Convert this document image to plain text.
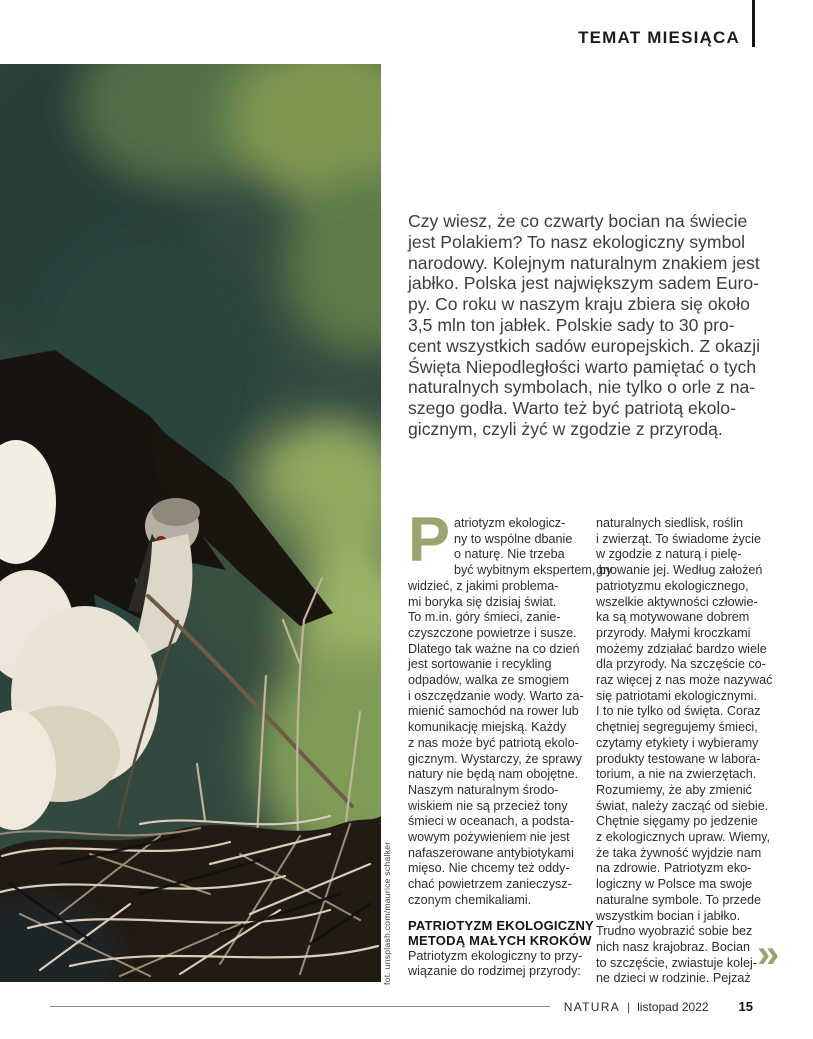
TEMAT MIESIĄCA
fot. unsplash.com/maurice schalker
Czy wiesz, że co czwarty bocian na świecie
jest Polakiem? To nasz ekologiczny symbol
narodowy. Kolejnym naturalnym znakiem jest
jabłko. Polska jest największym sadem Euro-
py. Co roku w naszym kraju zbiera się około
3,5 mln ton jabłek. Polskie sady to 30 pro-
cent wszystkich sadów europejskich. Z okazji
Święta Niepodległości warto pamiętać o tych
naturalnych symbolach, nie tylko o orle z na-
szego godła. Warto też być patriotą ekolo-
gicznym, czyli żyć w zgodzie z przyrodą.
P atriotyzm ekologicz-
ny to wspólne dbanie
o naturę. Nie trzeba
być wybitnym ekspertem, by
widzieć, z jakimi problema-
mi boryka się dzisiaj świat.
To m.in. góry śmieci, zanie-
czyszczone powietrze i susze.
Dlatego tak ważne na co dzień
jest sortowanie i recykling
odpadów, walka ze smogiem
i oszczędzanie wody. Warto za-
mienić samochód na rower lub
komunikację miejską. Każdy
z nas może być patriotą ekolo-
gicznym. Wystarczy, że sprawy
natury nie będą nam obojętne.
Naszym naturalnym środo-
wiskiem nie są przecież tony
śmieci w oceanach, a podsta-
wowym pożywieniem nie jest
nafaszerowane antybiotykami
mięso. Nie chcemy też oddy-
chać powietrzem zanieczysz-
czonym chemikaliami.
PATRIOTYZM EKOLOGICZNY
METODĄ MAŁYCH KROKÓW
Patriotyzm ekologiczny to przy-
wiązanie do rodzimej przyrody:
naturalnych siedlisk, roślin
i zwierząt. To świadome życie
w zgodzie z naturą i pielę-
gnowanie jej. Według założeń
patriotyzmu ekologicznego,
wszelkie aktywności człowie-
ka są motywowane dobrem
przyrody. Małymi kroczkami
możemy zdziałać bardzo wiele
dla przyrody. Na szczęście co-
raz więcej z nas może nazywać
się patriotami ekologicznymi.
I to nie tylko od święta. Coraz
chętniej segregujemy śmieci,
czytamy etykiety i wybieramy
produkty testowane w labora-
torium, a nie na zwierzętach.
Rozumiemy, że aby zmienić
świat, należy zacząć od siebie.
Chętnie sięgamy po jedzenie
z ekologicznych upraw. Wiemy,
że taka żywność wyjdzie nam
na zdrowie. Patriotyzm eko-
logiczny w Polsce ma swoje
naturalne symbole. To przede
wszystkim bocian i jabłko.
Trudno wyobrazić sobie bez
nich nasz krajobraz. Bocian
to szczęście, zwiastuje kolej-
ne dzieci w rodzinie. Pejzaż
»
NATURA | listopad 2022 15
